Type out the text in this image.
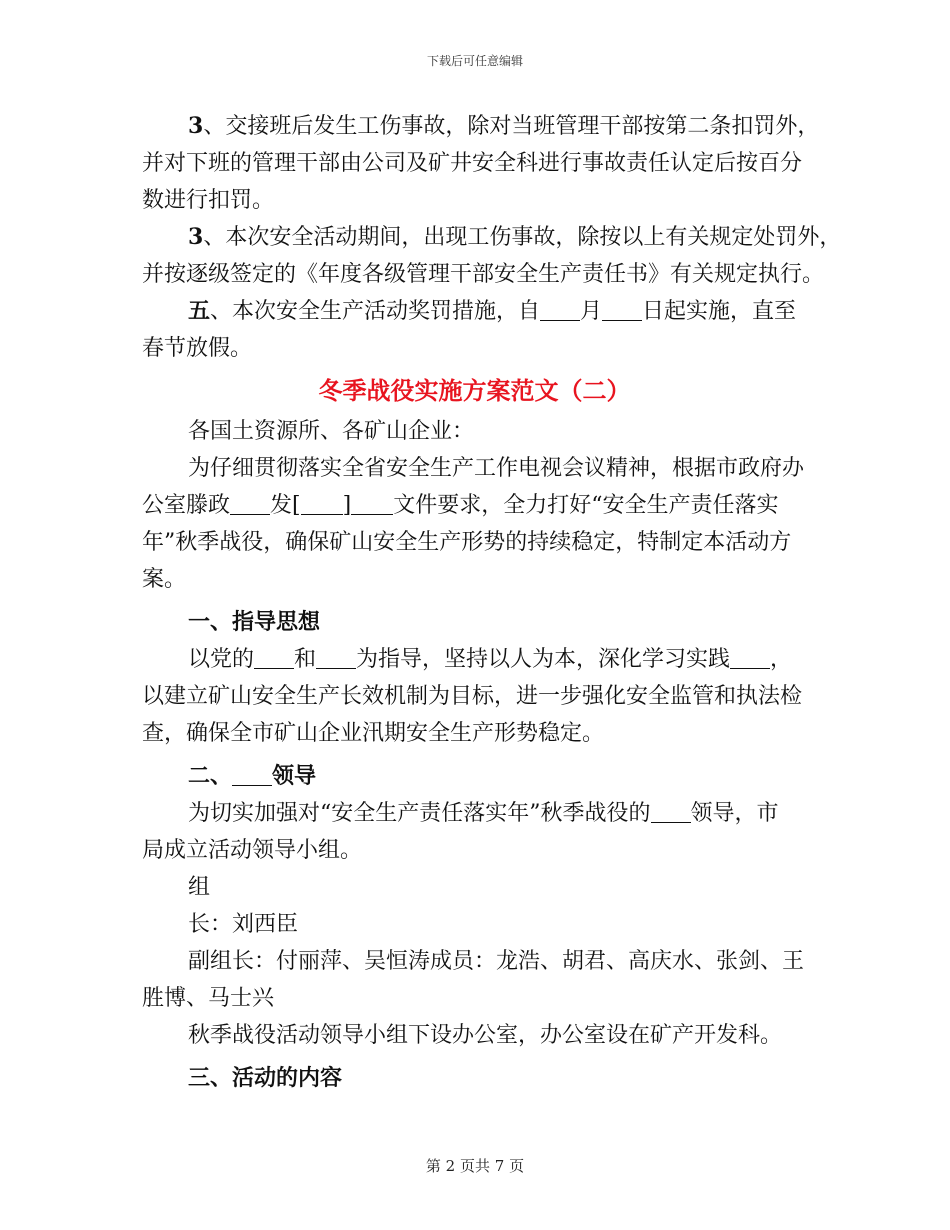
下载后可任意编辑

3、交接班后发生工伤事故，除对当班管理干部按第二条扣罚外，

并对下班的管理干部由公司及矿井安全科进行事故责任认定后按百分

数进行扣罚。

3、本次安全活动期间，出现工伤事故，除按以上有关规定处罚外，

并按逐级签定的《年度各级管理干部安全生产责任书》有关规定执行。

五、本次安全生产活动奖罚措施，自 月 日起实施，直至

春节放假。

冬季战役实施方案范文（二）

各国土资源所、各矿山企业：

为仔细贯彻落实全省安全生产工作电视会议精神，根据市政府办

公室滕政 发[ ] 文件要求，全力打好“安全生产责任落实

年”秋季战役，确保矿山安全生产形势的持续稳定，特制定本活动方

案。

一、指导思想

以党的 和 为指导，坚持以人为本，深化学习实践 ，

以建立矿山安全生产长效机制为目标，进一步强化安全监管和执法检

查，确保全市矿山企业汛期安全生产形势稳定。

二、 领导

为切实加强对“安全生产责任落实年”秋季战役的 领导，市

局成立活动领导小组。

组

长：刘西臣

副组长：付丽萍、吴恒涛成员：龙浩、胡君、高庆水、张剑、王

胜博、马士兴

秋季战役活动领导小组下设办公室，办公室设在矿产开发科。

三、活动的内容

第 2 页共 7 页
